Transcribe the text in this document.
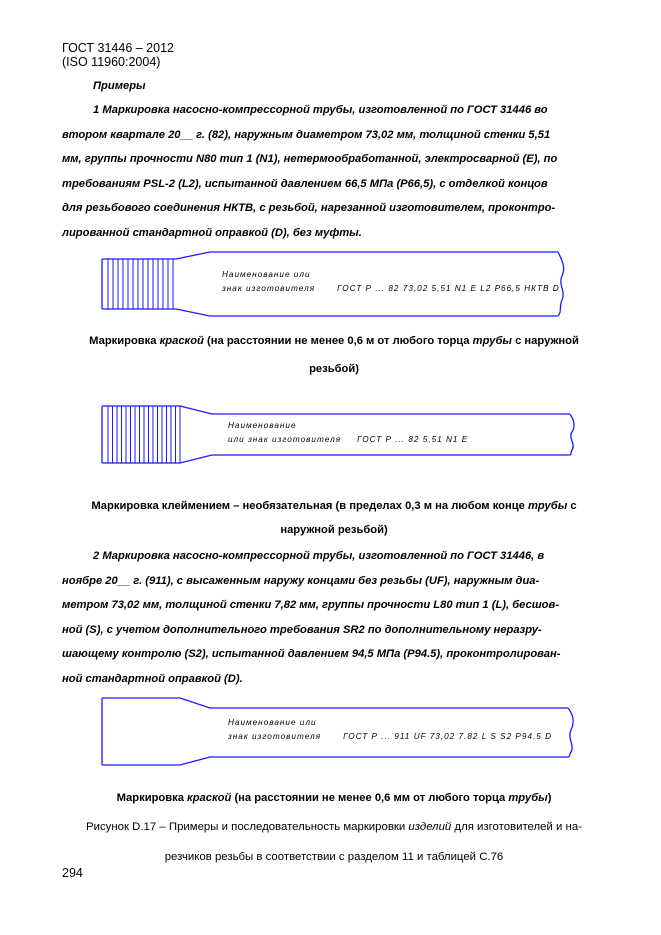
ГОСТ 31446 – 2012
(ISO 11960:2004)
Примеры
1 Маркировка насосно-компрессорной трубы, изготовленной по ГОСТ 31446 во
втором квартале 20__ г. (82), наружным диаметром 73,02 мм, толщиной стенки 5,51
мм, группы прочности N80 тип 1 (N1), нетермообработанной, электросварной (E), по
требованиям PSL-2 (L2), испытанной давлением 66,5 МПа (Р66,5), с отделкой концов
для резьбового соединения НКТВ, с резьбой, нарезанной изготовителем, проконтро-
лированной стандартной оправкой (D), без муфты.
Наименование или
знак изготовителя	ГОСТ Р ... 82 73,02 5,51 N1 E L2 P66,5 НКТВ D
Маркировка краской (на расстоянии не менее 0,6 м от любого торца трубы с наружной
резьбой)
Наименование
или знак изготовителя ГОСТ Р ... 82 5,51 N1 E
Маркировка клеймением – необязательная (в пределах 0,3 м на любом конце трубы с
наружной резьбой)
2 Маркировка насосно-компрессорной трубы, изготовленной по ГОСТ 31446, в
ноябре 20__ г. (911), с высаженным наружу концами без резьбы (UF), наружным диа-
метром 73,02 мм, толщиной стенки 7,82 мм, группы прочности L80 тип 1 (L), бесшов-
ной (S), с учетом дополнительного требования SR2 по дополнительному неразру-
шающему контролю (S2), испытанной давлением 94,5 МПа (P94.5), проконтролирован-
ной стандартной оправкой (D).
Наименование или
знак изготовителя	ГОСТ Р ... 911 UF 73,02 7.82 L S S2 P94.5 D
Маркировка краской (на расстоянии не менее 0,6 мм от любого торца трубы)
Рисунок D.17 – Примеры и последовательность маркировки изделий для изготовителей и на-
резчиков резьбы в соответствии с разделом 11 и таблицей С.76
294
